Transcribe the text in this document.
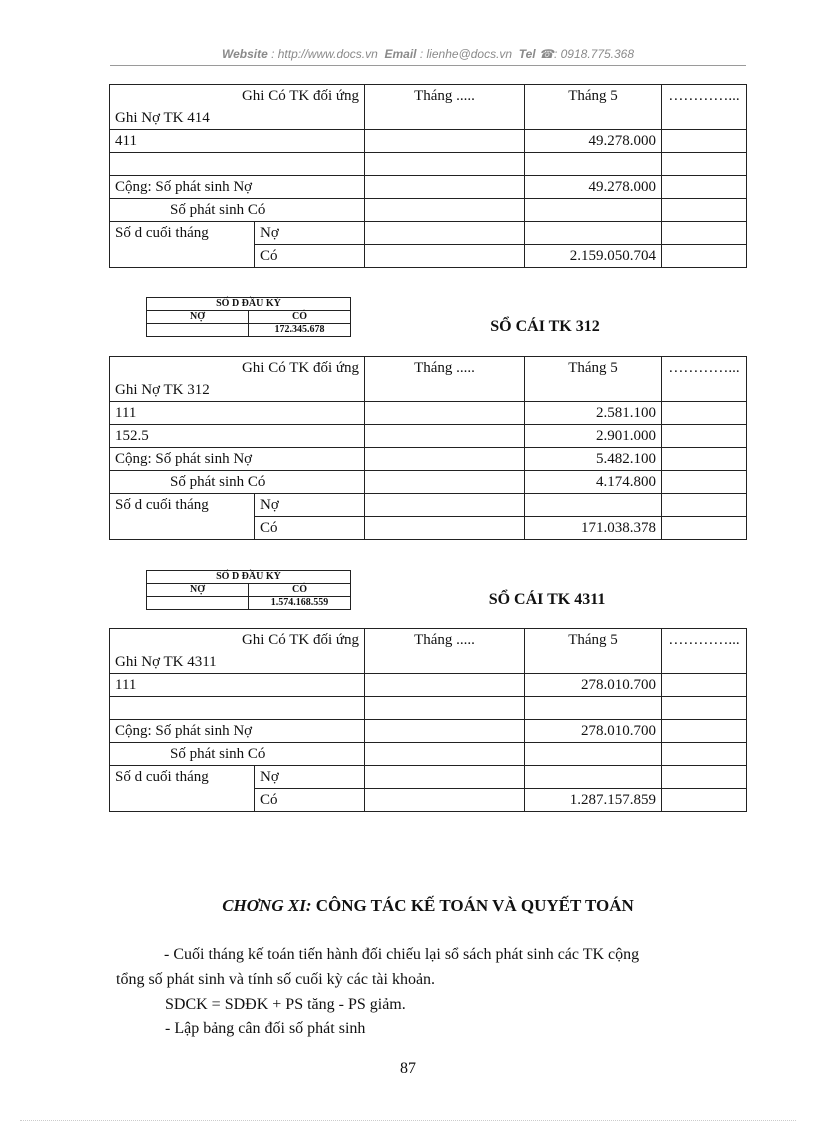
Website : http://www.docs.vn Email : lienhe@docs.vn Tel ☎: 0918.775.368
Ghi Có TK đối ứng
Ghi Nợ TK 414		Tháng .....	Tháng 5	…………...
411			49.278.000	

Cộng: Số phát sinh Nợ			49.278.000	
Số phát sinh Có				
Số d cuối tháng	Nợ			
	Có		2.159.050.704	
SỐ D ĐẦU KỲ	
NỢ	CÓ
	172.345.678	SỔ CÁI TK 312
Ghi Có TK đối ứng
Ghi Nợ TK 312		Tháng .....	Tháng 5	…………...
111			2.581.100	
152.5			2.901.000	
Cộng: Số phát sinh Nợ			5.482.100	
Số phát sinh Có			4.174.800	
Số d cuối tháng	Nợ			
	Có		171.038.378	
SỐ D ĐẦU KỲ	
NỢ	CÓ
	1.574.168.559	SỔ CÁI TK 4311
Ghi Có TK đối ứng
Ghi Nợ TK 4311		Tháng .....	Tháng 5	…………...
111			278.010.700	

Cộng: Số phát sinh Nợ			278.010.700	
Số phát sinh Có				
Số d cuối tháng	Nợ			
	Có		1.287.157.859	
CHƠNG XI: CÔNG TÁC KẾ TOÁN VÀ QUYẾT TOÁN
- Cuối tháng kế toán tiến hành đối chiếu lại sổ sách phát sinh các TK cộng
tổng số phát sinh và tính số cuối kỳ các tài khoản.
SDCK = SDĐK + PS tăng - PS giảm.
- Lập bảng cân đối số phát sinh
87
